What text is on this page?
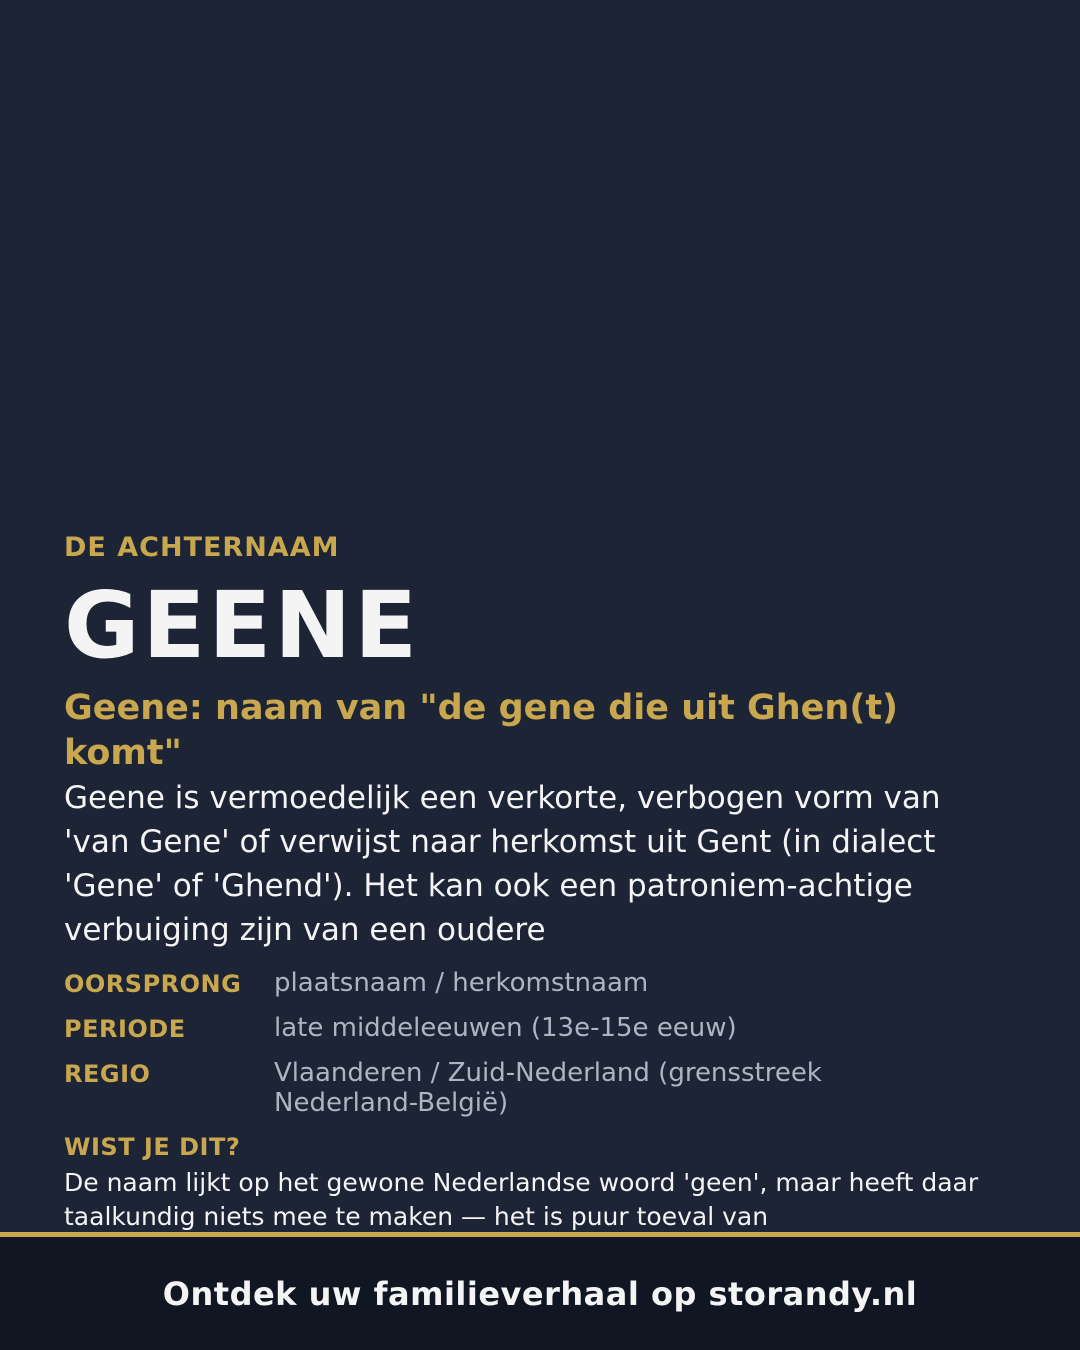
DE ACHTERNAAM
GEENE
Geene: naam van "de gene die uit Ghen(t) komt"
Geene is vermoedelijk een verkorte, verbogen vorm van 'van Gene' of verwijst naar herkomst uit Gent (in dialect 'Gene' of 'Ghend'). Het kan ook een patroniem-achtige verbuiging zijn van een oudere
OORSPRONG	plaatsnaam / herkomstnaam
PERIODE	late middeleeuwen (13e-15e eeuw)
REGIO	Vlaanderen / Zuid-Nederland (grensstreek Nederland-België)
WIST JE DIT?
De naam lijkt op het gewone Nederlandse woord 'geen', maar heeft daar taalkundig niets mee te maken — het is puur toeval van
Ontdek uw familieverhaal op storandy.nl
